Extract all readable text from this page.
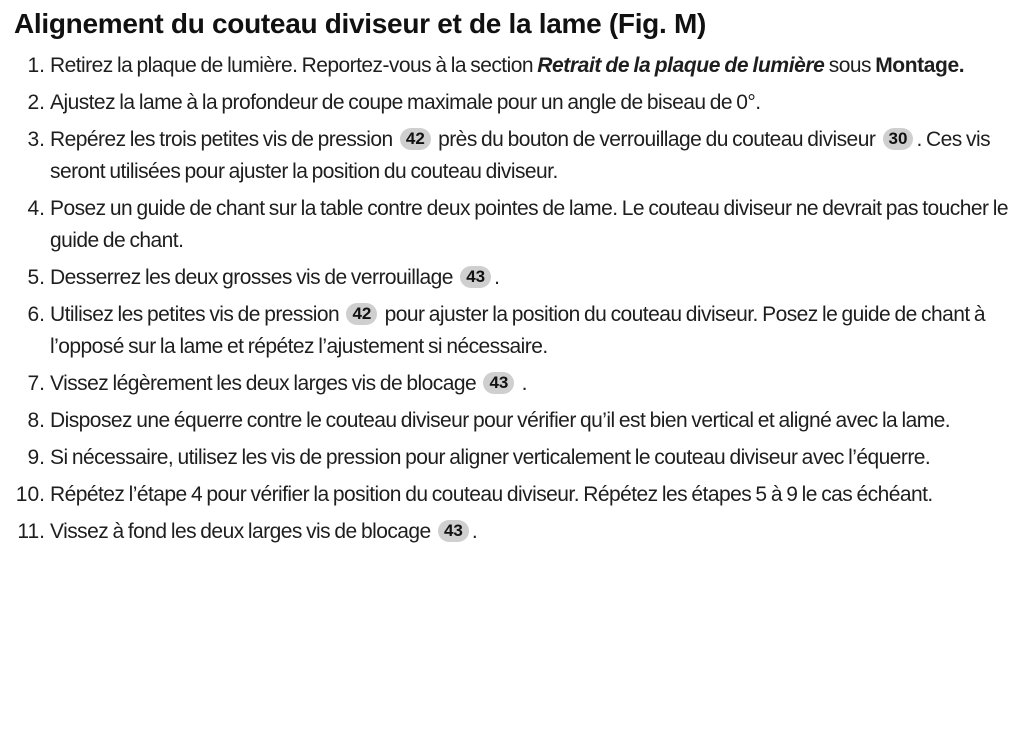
Alignement du couteau diviseur et de la lame (Fig. M)
1. Retirez la plaque de lumière. Reportez-vous à la section Retrait de la plaque de lumière sous Montage.
2. Ajustez la lame à la profondeur de coupe maximale pour un angle de biseau de 0°.
3. Repérez les trois petites vis de pression 42 près du bouton de verrouillage du couteau diviseur 30 . Ces vis seront utilisées pour ajuster la position du couteau diviseur.
4. Posez un guide de chant sur la table contre deux pointes de lame. Le couteau diviseur ne devrait pas toucher le guide de chant.
5. Desserrez les deux grosses vis de verrouillage 43 .
6. Utilisez les petites vis de pression 42 pour ajuster la position du couteau diviseur. Posez le guide de chant à l’opposé sur la lame et répétez l’ajustement si nécessaire.
7. Vissez légèrement les deux larges vis de blocage 43 .
8. Disposez une équerre contre le couteau diviseur pour vérifier qu’il est bien vertical et aligné avec la lame.
9. Si nécessaire, utilisez les vis de pression pour aligner verticalement le couteau diviseur avec l’équerre.
10. Répétez l’étape 4 pour vérifier la position du couteau diviseur. Répétez les étapes 5 à 9 le cas échéant.
11. Vissez à fond les deux larges vis de blocage 43 .
